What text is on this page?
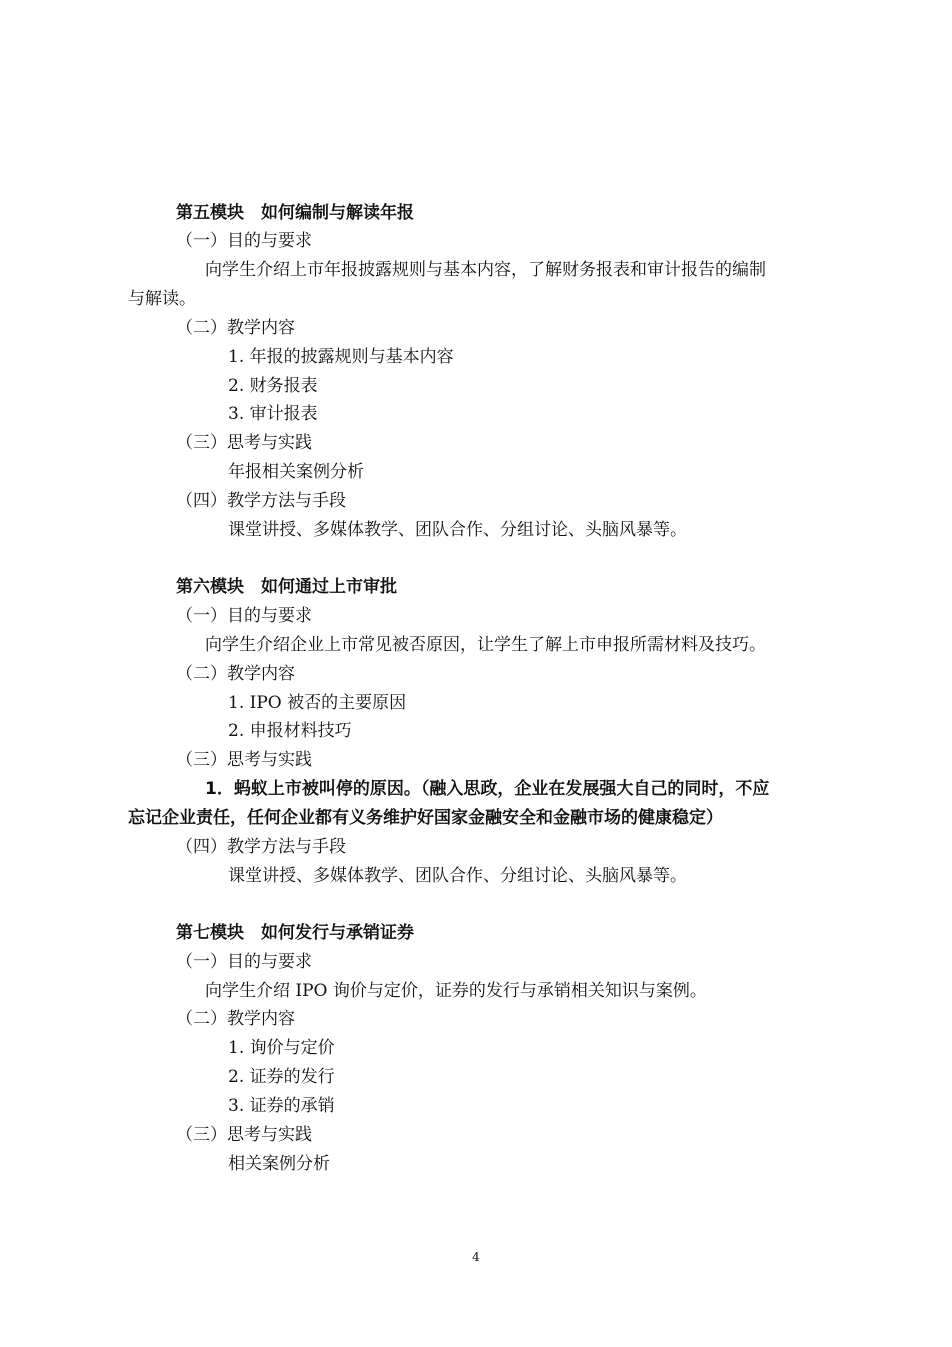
第五模块　如何编制与解读年报
（一）目的与要求
向学生介绍上市年报披露规则与基本内容，了解财务报表和审计报告的编制
与解读。
（二）教学内容
1. 年报的披露规则与基本内容
2. 财务报表
3. 审计报表
（三）思考与实践
年报相关案例分析
（四）教学方法与手段
课堂讲授、多媒体教学、团队合作、分组讨论、头脑风暴等。
第六模块　如何通过上市审批
（一）目的与要求
向学生介绍企业上市常见被否原因，让学生了解上市申报所需材料及技巧。
（二）教学内容
1. IPO 被否的主要原因
2. 申报材料技巧
（三）思考与实践
1．蚂蚁上市被叫停的原因。（融入思政，企业在发展强大自己的同时，不应
忘记企业责任，任何企业都有义务维护好国家金融安全和金融市场的健康稳定）
（四）教学方法与手段
课堂讲授、多媒体教学、团队合作、分组讨论、头脑风暴等。
第七模块　如何发行与承销证券
（一）目的与要求
向学生介绍 IPO 询价与定价，证券的发行与承销相关知识与案例。
（二）教学内容
1. 询价与定价
2. 证券的发行
3. 证券的承销
（三）思考与实践
相关案例分析
4
